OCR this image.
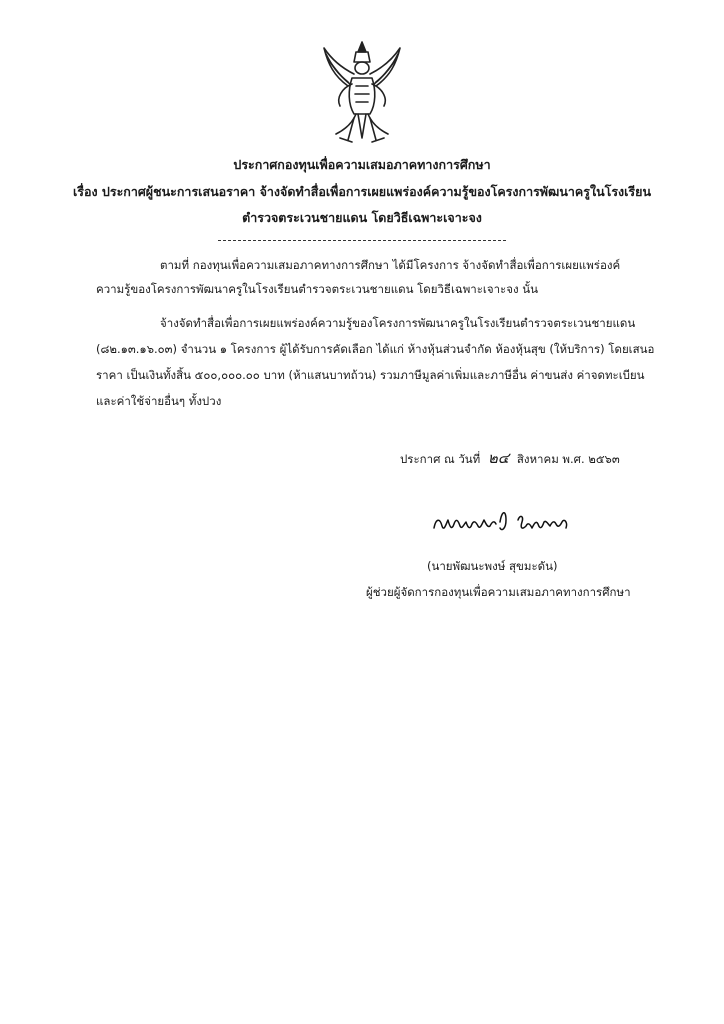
ประกาศกองทุนเพื่อความเสมอภาคทางการศึกษา
เรื่อง ประกาศผู้ชนะการเสนอราคา จ้างจัดทำสื่อเพื่อการเผยแพร่องค์ความรู้ของโครงการพัฒนาครูในโรงเรียน
ตำรวจตระเวนชายแดน โดยวิธีเฉพาะเจาะจง
ตามที่ กองทุนเพื่อความเสมอภาคทางการศึกษา ได้มีโครงการ จ้างจัดทำสื่อเพื่อการเผยแพร่องค์
ความรู้ของโครงการพัฒนาครูในโรงเรียนตำรวจตระเวนชายแดน โดยวิธีเฉพาะเจาะจง นั้น
จ้างจัดทำสื่อเพื่อการเผยแพร่องค์ความรู้ของโครงการพัฒนาครูในโรงเรียนตำรวจตระเวนชายแดน
(๘๒.๑๓.๑๖.๐๓) จำนวน ๑ โครงการ ผู้ได้รับการคัดเลือก ได้แก่ ห้างหุ้นส่วนจำกัด ห้องหุ้นสุข (ให้บริการ) โดยเสนอ
ราคา เป็นเงินทั้งสิ้น ๕๐๐,๐๐๐.๐๐ บาท (ห้าแสนบาทถ้วน) รวมภาษีมูลค่าเพิ่มและภาษีอื่น ค่าขนส่ง ค่าจดทะเบียน
และค่าใช้จ่ายอื่นๆ ทั้งปวง
ประกาศ ณ วันที่ ๒๔ สิงหาคม พ.ศ. ๒๕๖๓
(นายพัฒนะพงษ์ สุขมะดัน)
ผู้ช่วยผู้จัดการกองทุนเพื่อความเสมอภาคทางการศึกษา
